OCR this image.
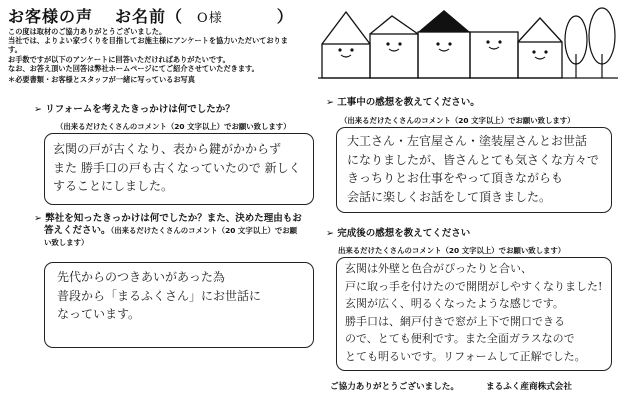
お客様の声 お名前（ O様	）
この度は取材のご協力ありがとうございました。
当社では、よりよい家づくりを目指してお施主様にアンケートを協力いただいておりま
す。
お手数ですが以下のアンケートに回答いただければありがたいです。
なお、お答え頂いた回答は弊社ホームページにてご紹介させていただきます。
＊必要書類・お客様とスタッフが一緒に写っているお写真
➢ リフォームを考えたきっかけは何でしたか？
（出来るだけたくさんのコメント（20 文字以上）でお願い致します）
玄関の戸が古くなり、表から鍵がかからず
また 勝手口の戸も古くなっていたので 新しく
することにしました。
➢ 弊社を知ったきっかけは何でしたか？また、決めた理由もお
答えください。（出来るだけたくさんのコメント（20 文字以上）でお願
い致します）
先代からのつきあいがあった為
普段から「まるふくさん」にお世話に
なっています。
➢ 工事中の感想を教えてください。
（出来るだけたくさんのコメント（20 文字以上）でお願い致します）
大工さん・左官屋さん・塗装屋さんとお世話
になりましたが、皆さんとても気さくな方々で
きっちりとお仕事をやって頂きながらも
会話に楽しくお話をして頂きました。
➢ 完成後の感想を教えてください
出来るだけたくさんのコメント（20 文字以上）でお願い致します）
玄関は外壁と色合がぴったりと合い、
戸に取っ手を付けたので開閉がしやすくなりました!
玄関が広く、明るくなったような感じです。
勝手口は、網戸付きで窓が上下で開口できる
ので、とても便利です。また全面ガラスなので
とても明るいです。リフォームして正解でした。
ご協力ありがとうございました。	まるふく産商株式会社
